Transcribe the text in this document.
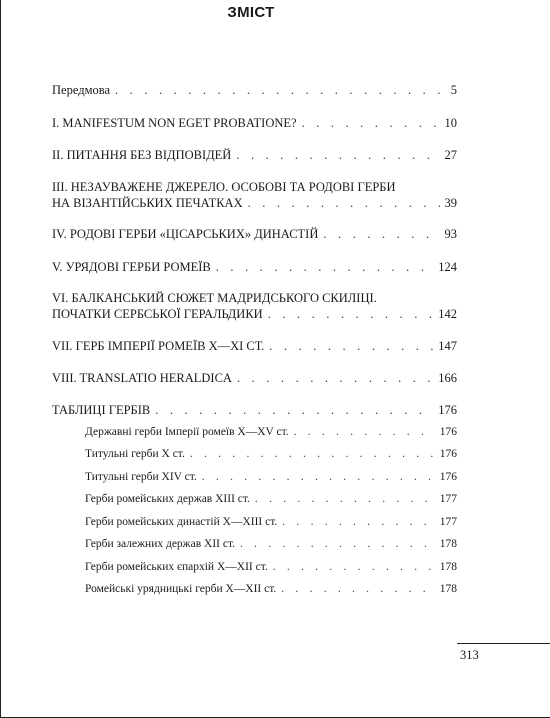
ЗМІСТ
Передмова . . .	5
I. MANIFESTUM NON EGET PROBATIONE? . . .	10
II. ПИТАННЯ БЕЗ ВІДПОВІДЕЙ . . .	27
III. НЕЗАУВАЖЕНЕ ДЖЕРЕЛО. ОСОБОВІ ТА РОДОВІ ГЕРБИ
НА ВІЗАНТІЙСЬКИХ ПЕЧАТКАХ . . .	39
IV. РОДОВІ ГЕРБИ «ЦІСАРСЬКИХ» ДИНАСТІЙ . . .	93
V. УРЯДОВІ ГЕРБИ РОМЕЇВ . . .	124
VI. БАЛКАНСЬКИЙ СЮЖЕТ МАДРИДСЬКОГО СКИЛІЦІ.
ПОЧАТКИ СЕРБСЬКОЇ ГЕРАЛЬДИКИ . . .	142
VII. ГЕРБ ІМПЕРІЇ РОМЕЇВ X—XI СТ. . . .	147
VIII. TRANSLATIO HERALDICA . . .	166
ТАБЛИЦІ ГЕРБІВ . . .	176
Державні герби Імперії ромеїв X—XV ст. . . .	176
Титульні герби X ст. . . .	176
Титульні герби XIV ст. . . .	176
Герби ромейських держав XIII ст. . . .	177
Герби ромейських династій X—XIII ст. . . .	177
Герби залежних держав XII ст. . . .	178
Герби ромейських єпархій X—XII ст. . . .	178
Ромейські урядницькі герби X—XII ст. . . .	178
313
